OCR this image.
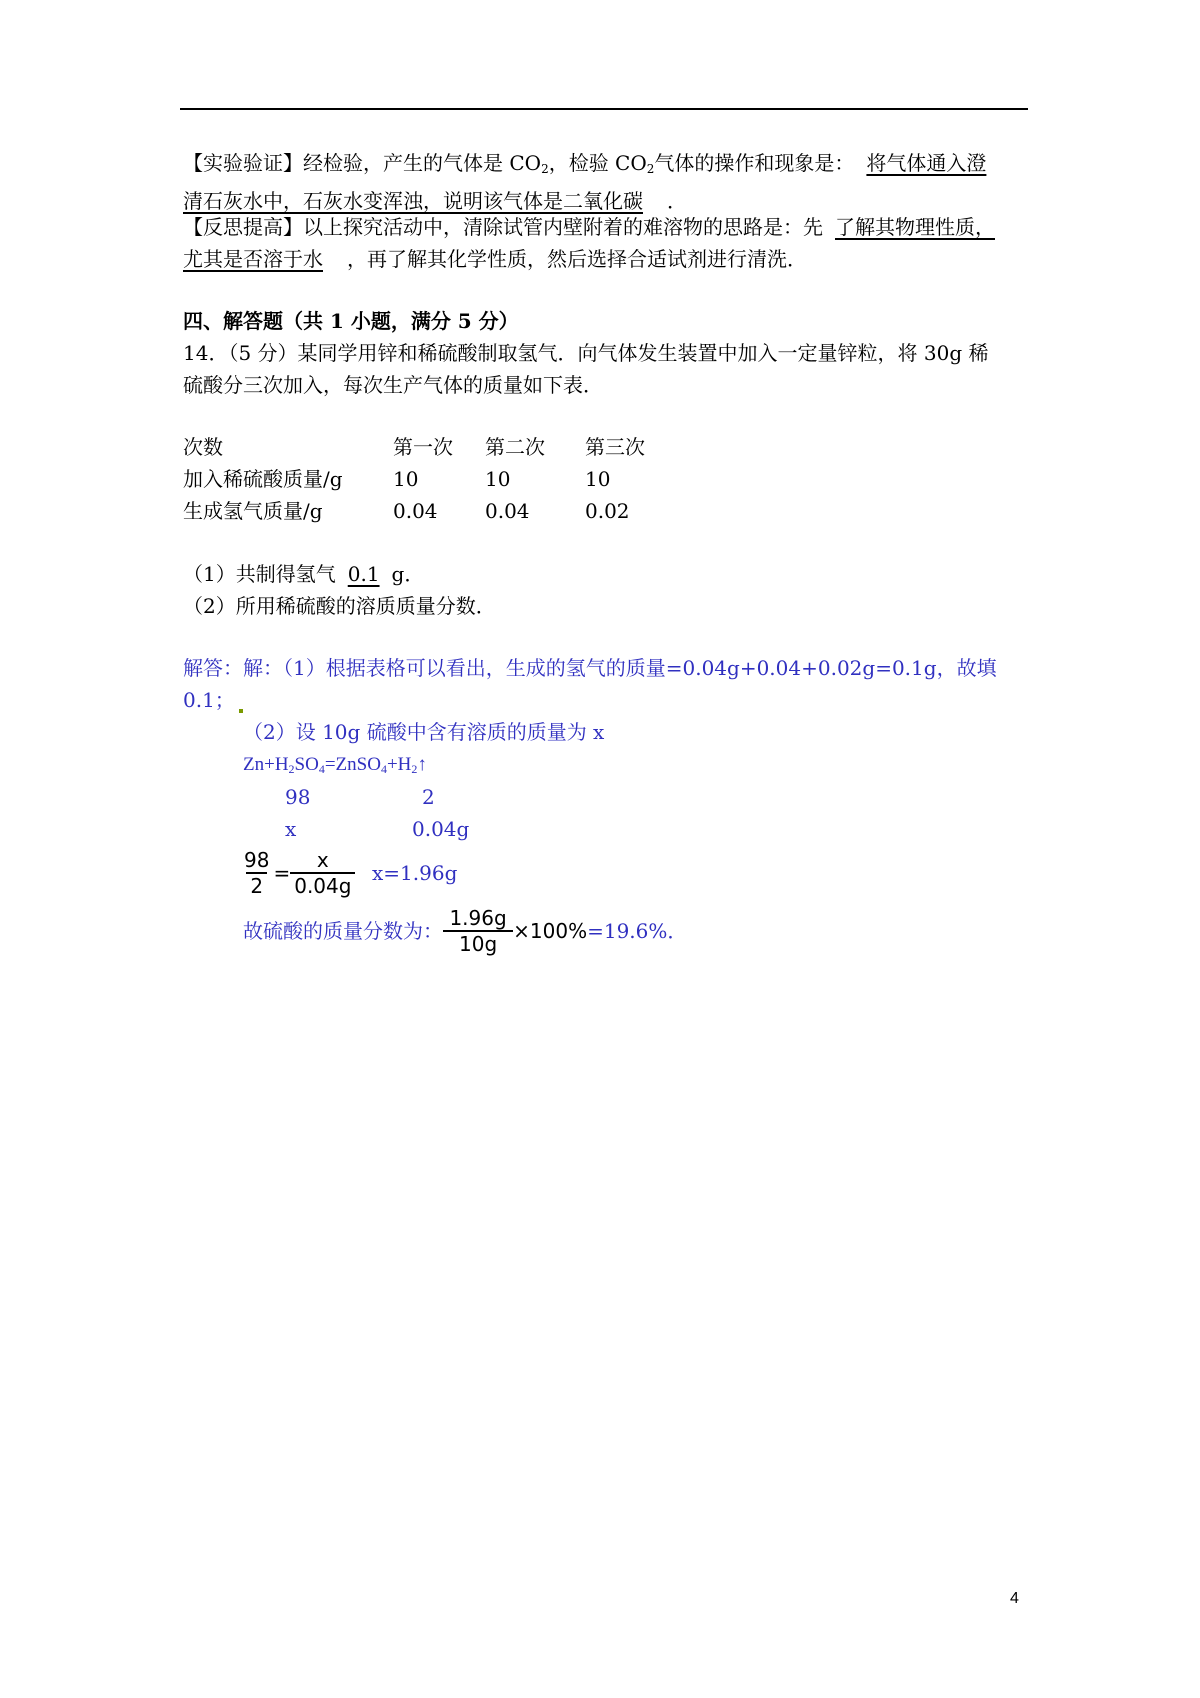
【实验验证】经检验，产生的气体是 $CO_2$，检验 $CO_2$气体的操作和现象是： 将气体通入澄
清石灰水中，石灰水变浑浊，说明该气体是二氧化碳 ．
【反思提高】以上探究活动中，清除试管内壁附着的难溶物的思路是：先 了解其物理性质，
尤其是否溶于水 ，再了解其化学性质，然后选择合适试剂进行清洗．
四、解答题（共 1 小题，满分 5 分）
14．（5 分）某同学用锌和稀硫酸制取氢气．向气体发生装置中加入一定量锌粒，将 30g 稀
硫酸分三次加入，每次生产气体的质量如下表．
次数	第一次	第二次	第三次
加入稀硫酸质量/g	10	10	10
生成氢气质量/g	0.04	0.04	0.02
（1）共制得氢气 0.1 g．
（2）所用稀硫酸的溶质质量分数．
解答：解：（1）根据表格可以看出，生成的氢气的质量=0.04g+0.04+0.02g=0.1g，故填 0.1；
（2）设 10g 硫酸中含有溶质的质量为 x
$Zn+H_2SO_4=ZnSO_4+H_2↑$
98	2
x	0.04g
$\frac{98}{2} = \frac{x}{0.04g} x=1.96g$
故硫酸的质量分数为： $\frac{1.96g}{10g} \times 100\%=19.6\%$．
4
